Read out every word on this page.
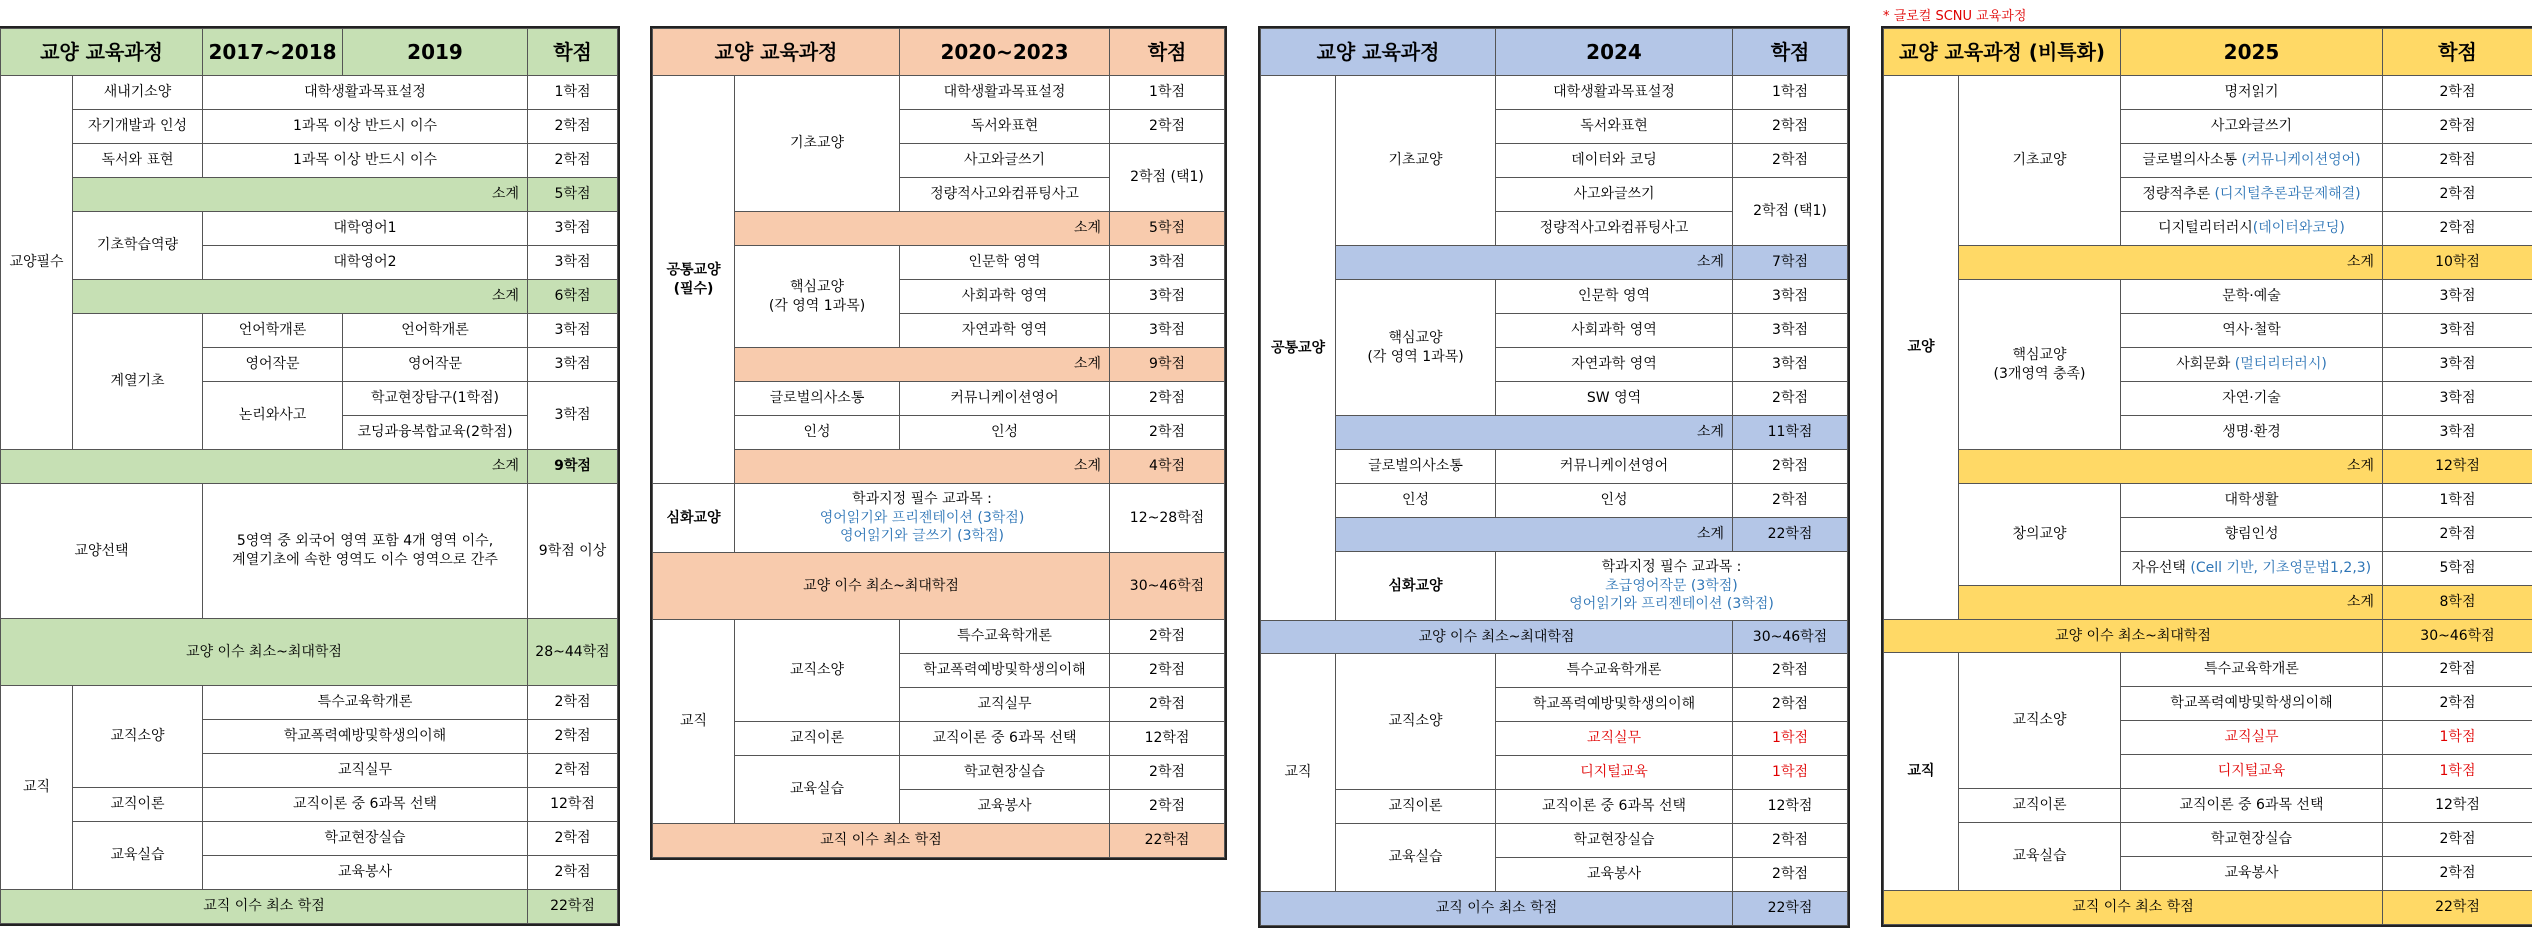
* 글로컬 SCNU 교육과정
교양 교육과정		2017~2018	2019	학점
교양필수	새내기소양	대학생활과목표설정		1학점
	자기개발과 인성	1과목 이상 반드시 이수		2학점
	독서와 표현	1과목 이상 반드시 이수		2학점
	소계			5학점
	기초학습역량	대학영어1		3학점
		대학영어2		3학점
	소계			6학점
	계열기초	언어학개론	언어학개론	3학점
		영어작문	영어작문	3학점
		논리와사고	학교현장탐구(1학점)	3학점
			코딩과융복합교육(2학점)	
소계				9학점
교양선택		5영역 중 외국어 영역 포함 4개 영역 이수,
계열기초에 속한 영역도 이수 영역으로 간주		9학점 이상
교양 이수 최소~최대학점				28~44학점
교직	교직소양	특수교육학개론		2학점
		학교폭력예방및학생의이해		2학점
		교직실무		2학점
	교직이론	교직이론 중 6과목 선택		12학점
	교육실습	학교현장실습		2학점
		교육봉사		2학점
교직 이수 최소 학점				22학점
교양 교육과정		2020~2023	학점
공통교양
(필수)	기초교양	대학생활과목표설정	1학점
		독서와표현	2학점
		사고와글쓰기	2학점 (택1)
		정량적사고와컴퓨팅사고	
	소계		5학점
	핵심교양
(각 영역 1과목)	인문학 영역	3학점
		사회과학 영역	3학점
		자연과학 영역	3학점
	소계		9학점
	글로벌의사소통	커뮤니케이션영어	2학점

	인성	인성	2학점

	소계		4학점
심화교양	학과지정 필수 교과목 :
영어읽기와 프리젠테이션 (3학점)
영어읽기와 글쓰기 (3학점)		12~28학점
교양 이수 최소~최대학점			30~46학점
교직	교직소양	특수교육학개론	2학점
		학교폭력예방및학생의이해	2학점
		교직실무	2학점
	교직이론	교직이론 중 6과목 선택	12학점
	교육실습	학교현장실습	2학점
		교육봉사	2학점
교직 이수 최소 학점			22학점
교양 교육과정		2024	학점	
공통교양	기초교양	대학생활과목표설정	1학점	
		독서와표현	2학점	
		데이터와 코딩	2학점	
		사고와글쓰기	2학점 (택1)	
		정량적사고와컴퓨팅사고		
	소계		7학점	
	핵심교양
(각 영역 1과목)	인문학 영역	3학점	
		사회과학 영역	3학점	
		자연과학 영역	3학점	
		SW 영역	2학점	
	소계		11학점	
	글로벌의사소통	커뮤니케이션영어	2학점	
	인성	인성	2학점	
	소계		22학점	
	심화교양	학과지정 필수 교과목 :
초급영어작문 (3학점)
영어읽기와 프리젠테이션 (3학점)	
교양 이수 최소~최대학점			30~46학점	
교직	교직소양	특수교육학개론	2학점	
		학교폭력예방및학생의이해	2학점	
		교직실무	1학점	
		디지털교육	1학점	
	교직이론	교직이론 중 6과목 선택	12학점	
	교육실습	학교현장실습	2학점	
		교육봉사	2학점	
교직 이수 최소 학점			22학점	
교양 교육과정 (비특화)		2025	학점
교양	기초교양	명저읽기	2학점
		사고와글쓰기	2학점
		글로벌의사소통 (커뮤니케이션영어)	2학점
		정량적추론 (디지털추론과문제해결)	2학점
		디지털리터러시(데이터와코딩)	2학점
	소계		10학점
	핵심교양
(3개영역 충족)	문학·예술	3학점
		역사·철학	3학점
		사회문화 (멀티리터러시)	3학점
		자연·기술	3학점
		생명·환경	3학점
	소계		12학점
	창의교양	대학생활	1학점
		향림인성	2학점
		자유선택 (Cell 기반, 기초영문법1,2,3)	5학점
	소계		8학점
교양 이수 최소~최대학점			30~46학점
교직	교직소양	특수교육학개론	2학점
		학교폭력예방및학생의이해	2학점
		교직실무	1학점
		디지털교육	1학점
	교직이론	교직이론 중 6과목 선택	12학점
	교육실습	학교현장실습	2학점
		교육봉사	2학점
교직 이수 최소 학점			22학점
